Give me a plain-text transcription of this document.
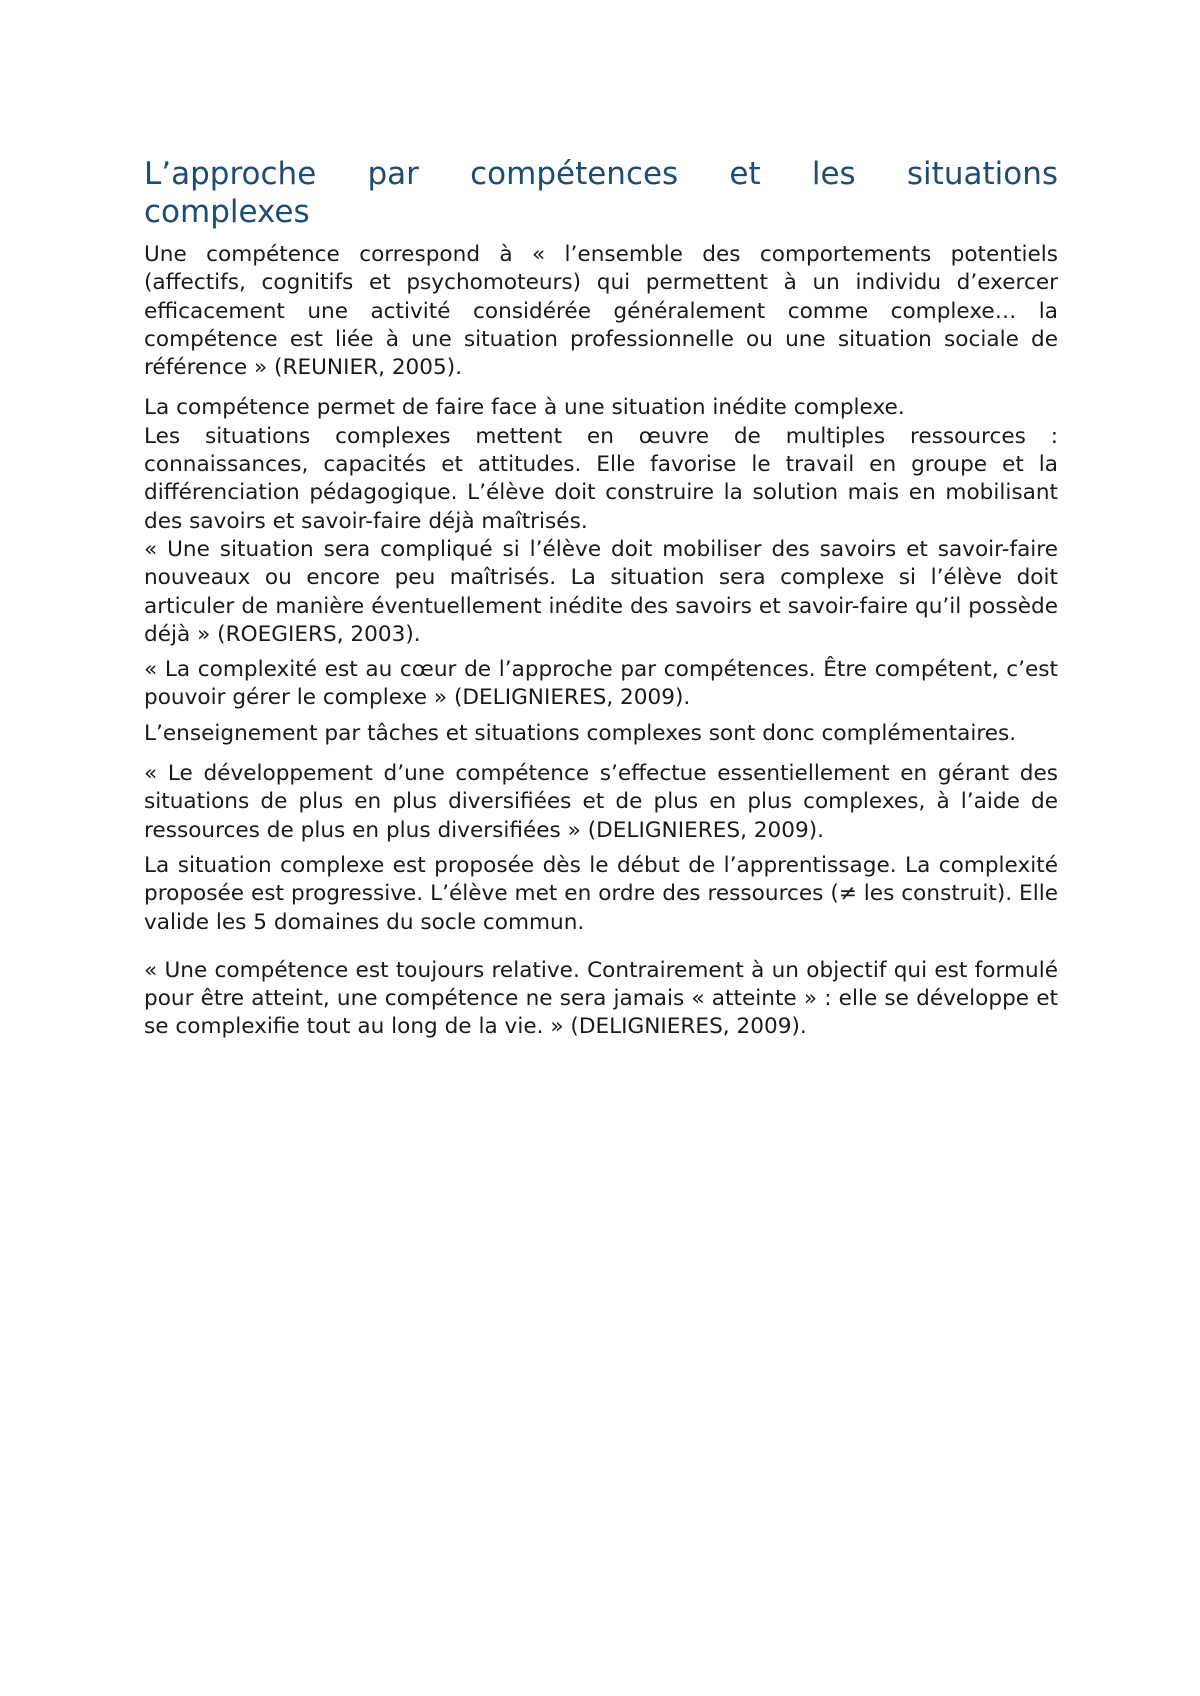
L’approche par compétences et les situations
complexes

Une compétence correspond à « l’ensemble des comportements potentiels (affectifs, cognitifs et psychomoteurs) qui permettent à un individu d’exercer efficacement une activité considérée généralement comme complexe… la compétence est liée à une situation professionnelle ou une situation sociale de référence » (REUNIER, 2005).

La compétence permet de faire face à une situation inédite complexe.

Les situations complexes mettent en œuvre de multiples ressources : connaissances, capacités et attitudes. Elle favorise le travail en groupe et la différenciation pédagogique. L’élève doit construire la solution mais en mobilisant des savoirs et savoir-faire déjà maîtrisés.

« Une situation sera compliqué si l’élève doit mobiliser des savoirs et savoir-faire nouveaux ou encore peu maîtrisés. La situation sera complexe si l’élève doit articuler de manière éventuellement inédite des savoirs et savoir-faire qu’il possède déjà » (ROEGIERS, 2003).

« La complexité est au cœur de l’approche par compétences. Être compétent, c’est pouvoir gérer le complexe » (DELIGNIERES, 2009).

L’enseignement par tâches et situations complexes sont donc complémentaires.

« Le développement d’une compétence s’effectue essentiellement en gérant des situations de plus en plus diversifiées et de plus en plus complexes, à l’aide de ressources de plus en plus diversifiées » (DELIGNIERES, 2009).

La situation complexe est proposée dès le début de l’apprentissage. La complexité proposée est progressive. L’élève met en ordre des ressources (≠ les construit). Elle valide les 5 domaines du socle commun.

« Une compétence est toujours relative. Contrairement à un objectif qui est formulé pour être atteint, une compétence ne sera jamais « atteinte » : elle se développe et se complexifie tout au long de la vie. » (DELIGNIERES, 2009).
